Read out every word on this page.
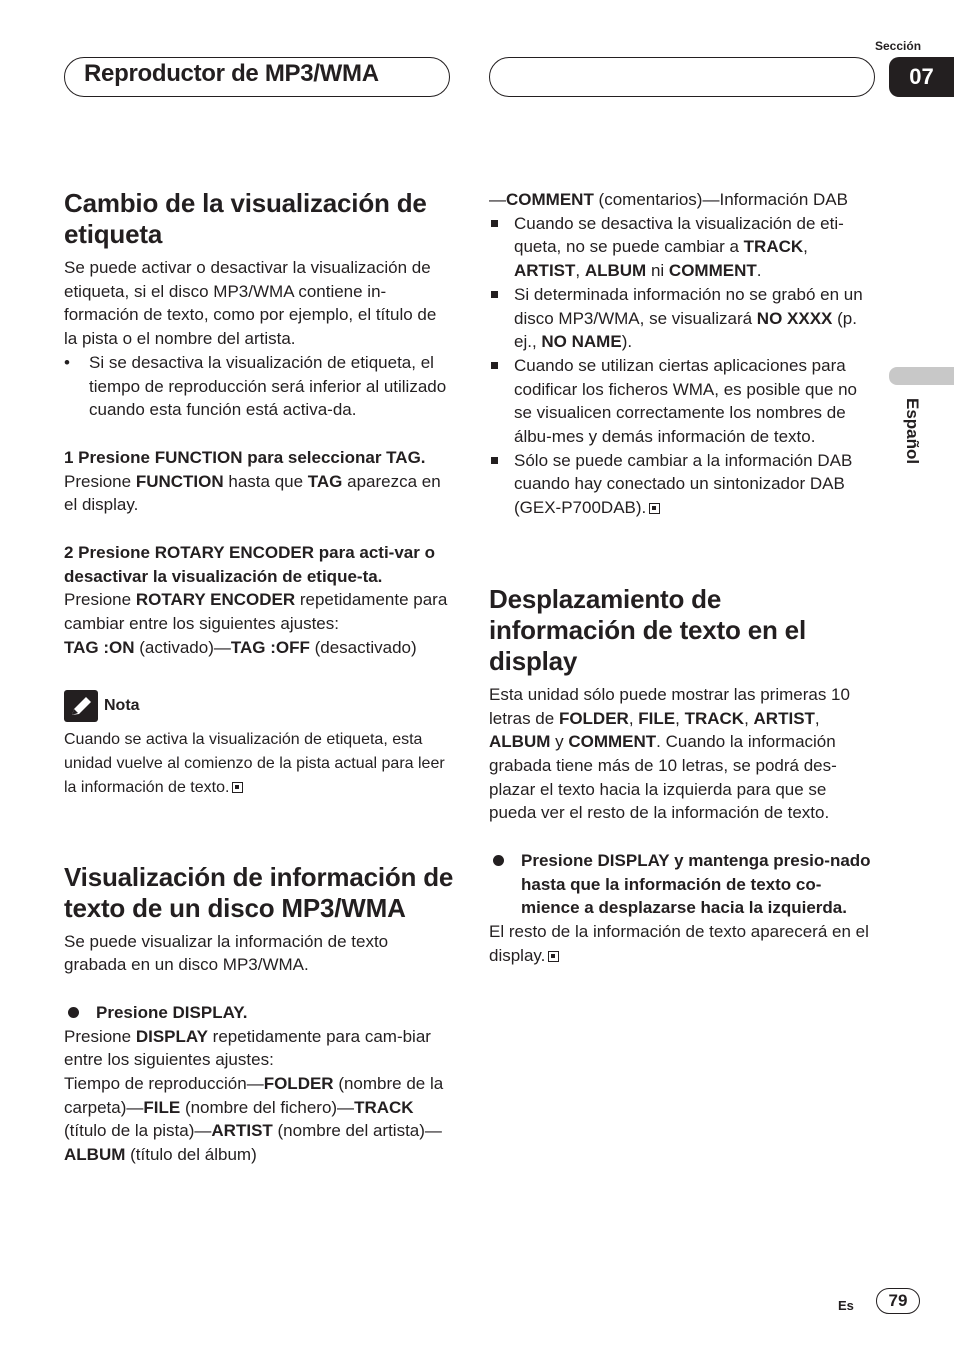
Reproductor de MP3/WMA
Sección
07
Español

Cambio de la visualización de etiqueta

Se puede activar o desactivar la visualización de etiqueta, si el disco MP3/WMA contiene in-formación de texto, como por ejemplo, el título de la pista o el nombre del artista.

• Si se desactiva la visualización de etiqueta, el tiempo de reproducción será inferior al utilizado cuando esta función está activa-da.

1 Presione FUNCTION para seleccionar TAG.

Presione FUNCTION hasta que TAG aparezca en el display.

2 Presione ROTARY ENCODER para acti-var o desactivar la visualización de etique-ta.

Presione ROTARY ENCODER repetidamente para cambiar entre los siguientes ajustes:
TAG :ON (activado)—TAG :OFF (desactivado)

Nota

Cuando se activa la visualización de etiqueta, esta unidad vuelve al comienzo de la pista actual para leer la información de texto.

Visualización de información de texto de un disco MP3/WMA

Se puede visualizar la información de texto grabada en un disco MP3/WMA.

Presione DISPLAY.

Presione DISPLAY repetidamente para cam-biar entre los siguientes ajustes:
Tiempo de reproducción—FOLDER (nombre de la carpeta)—FILE (nombre del fichero)—TRACK (título de la pista)—ARTIST (nombre del artista)—ALBUM (título del álbum)

—COMMENT (comentarios)—Información DAB

Cuando se desactiva la visualización de eti-queta, no se puede cambiar a TRACK, ARTIST, ALBUM ni COMMENT.

Si determinada información no se grabó en un disco MP3/WMA, se visualizará NO XXXX (p. ej., NO NAME).

Cuando se utilizan ciertas aplicaciones para codificar los ficheros WMA, es posible que no se visualicen correctamente los nombres de álbu-mes y demás información de texto.

Sólo se puede cambiar a la información DAB cuando hay conectado un sintonizador DAB (GEX-P700DAB).

Desplazamiento de información de texto en el display

Esta unidad sólo puede mostrar las primeras 10 letras de FOLDER, FILE, TRACK, ARTIST, ALBUM y COMMENT. Cuando la información grabada tiene más de 10 letras, se podrá des-plazar el texto hacia la izquierda para que se pueda ver el resto de la información de texto.

Presione DISPLAY y mantenga presio-nado hasta que la información de texto co-mience a desplazarse hacia la izquierda.

El resto de la información de texto aparecerá en el display.

Es	79
